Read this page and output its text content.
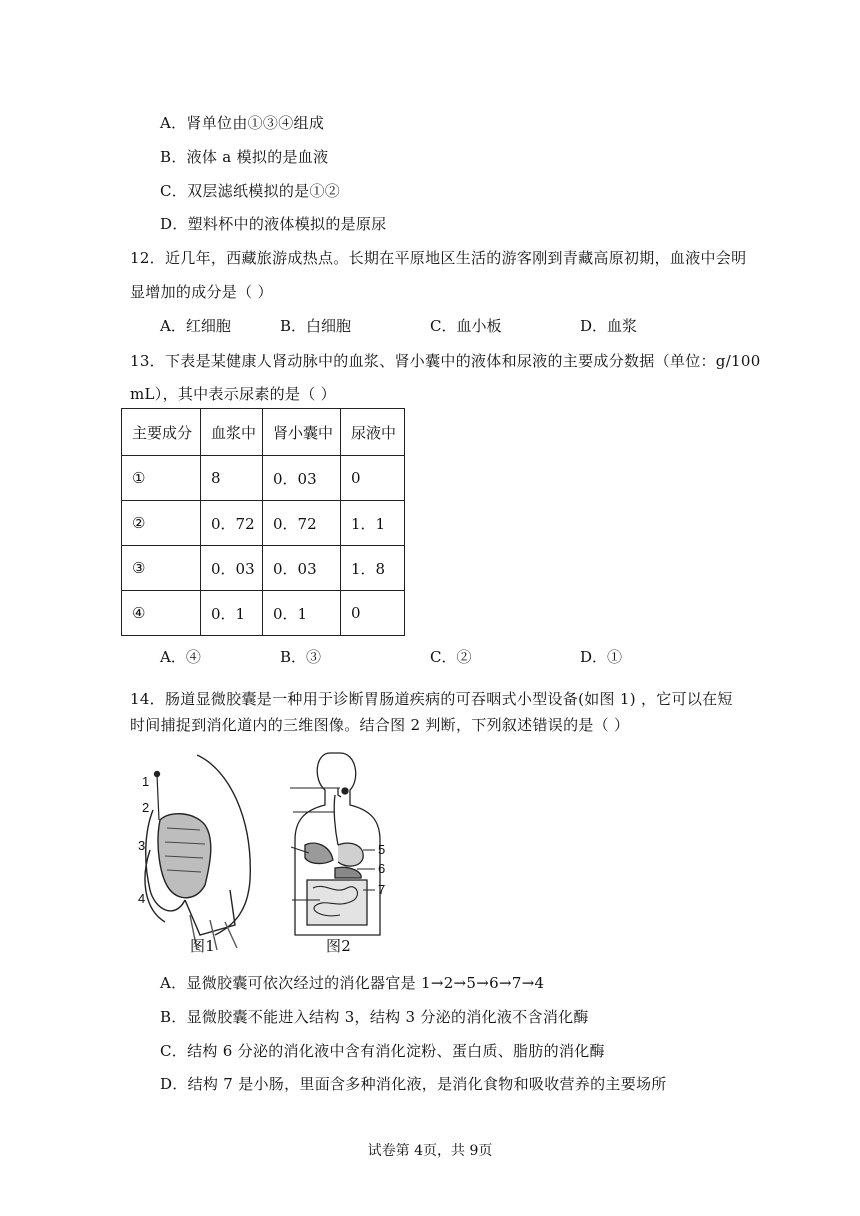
A．肾单位由①③④组成
B．液体 a 模拟的是血液
C．双层滤纸模拟的是①②
D．塑料杯中的液体模拟的是原尿
12．近几年，西藏旅游成热点。长期在平原地区生活的游客刚到青藏高原初期，血液中会明
显增加的成分是（ ）
A．红细胞	B．白细胞	C．血小板	D．血浆
13．下表是某健康人肾动脉中的血浆、肾小囊中的液体和尿液的主要成分数据（单位：g/100
mL），其中表示尿素的是（ ）
主要成分	血浆中	肾小囊中	尿液中
①	8	0．03	0
②	0．72	0．72	1．1
③	0．03	0．03	1．8
④	0．1	0．1	0
A．④	B．③	C．②	D．①
14．肠道显微胶囊是一种用于诊断胃肠道疾病的可吞咽式小型设备(如图 1) ，它可以在短
时间捕捉到消化道内的三维图像。结合图 2 判断，下列叙述错误的是（ ）
1
2
3
4
5
6
7
图1	图2
A．显微胶囊可依次经过的消化器官是 1→2→5→6→7→4
B．显微胶囊不能进入结构 3，结构 3 分泌的消化液不含消化酶
C．结构 6 分泌的消化液中含有消化淀粉、蛋白质、脂肪的消化酶
D．结构 7 是小肠，里面含多种消化液，是消化食物和吸收营养的主要场所
试卷第 4页，共 9页
